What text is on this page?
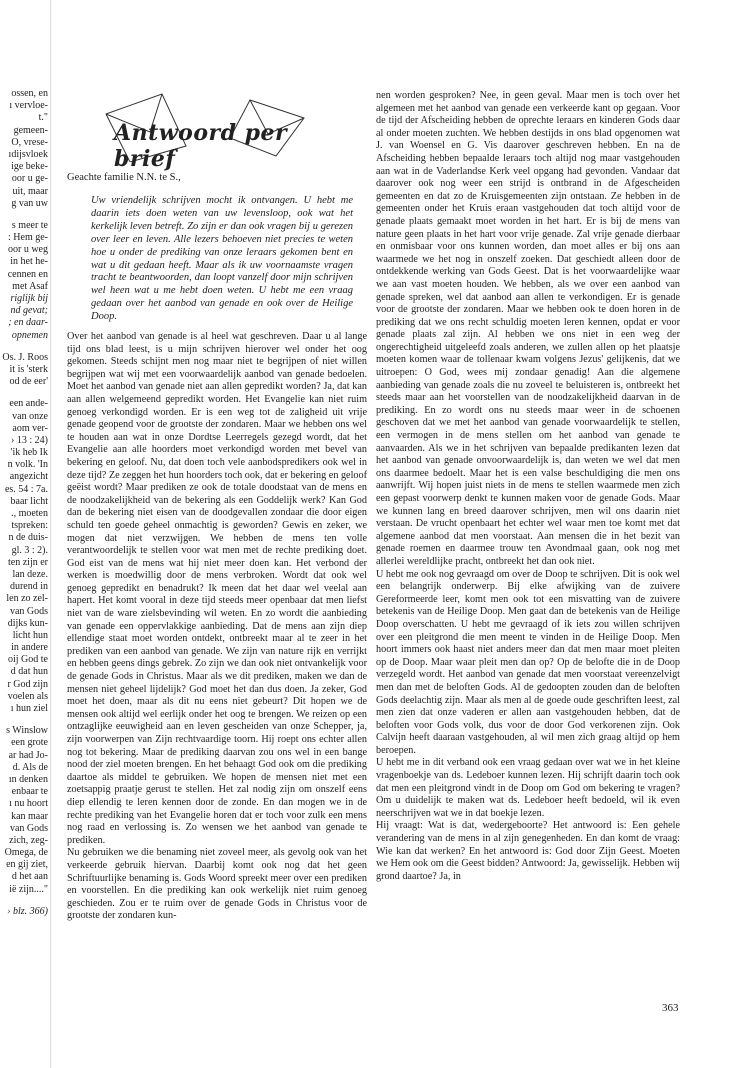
ossen, en
ı vervloe-
t."
gemeen-
O, vrese-
ıdijsvloek
ige beke-
oor u ge-
uit, maar
g van uw
s meer te
: Hem ge-
oor u weg
in het he-
cennen en
met Asaf
riglijk bij
nd gevat;
; en daar-
opnemen
Os. J. Roos
it is 'sterk
od de eer'
een ande-
van onze
aom ver-
› 13 : 24)
'ik heb Ik
n volk. 'In
angezicht
es. 54 : 7a.
baar licht
., moeten
tspreken:
n de duis-
gl. 3 : 2).
ten zijn er
lan deze.
durend in
len zo zel-
van Gods
dijks kun-
licht hun
in andere
oij God te
d dat hun
r God zijn
voelen als
ı hun ziel
s Winslow
een grote
ar had Jo-
d. Als de
ın denken
enbaar te
ı nu hoort
kan maar
van Gods
zich, zeg-
Omega, de
en gij ziet,
d het aan
ië zijn...."
› blz. 366)
Antwoord per brief
Geachte familie N.N. te S.,
Uw vriendelijk schrijven mocht ik ontvangen. U hebt me daarin iets doen weten van uw levensloop, ook wat het kerkelijk leven betreft. Zo zijn er dan ook vragen bij u gerezen over leer en leven. Alle lezers behoeven niet precies te weten hoe u onder de prediking van onze leraars gekomen bent en wat u dit gedaan heeft. Maar als ik uw voornaamste vragen tracht te beantwoorden, dan loopt vanzelf door mijn schrijven wel heen wat u me hebt doen weten. U hebt me een vraag gedaan over het aanbod van genade en ook over de Heilige Doop.

Over het aanbod van genade is al heel wat geschreven. Daar u al lange tijd ons blad leest, is u mijn schrijven hierover wel onder het oog gekomen. Steeds schijnt men nog maar niet te begrijpen of niet willen begrijpen wat wij met een voorwaardelijk aanbod van genade bedoelen. Moet het aanbod van genade niet aan allen gepredikt worden? Ja, dat kan aan allen welgemeend gepredikt worden. Het Evangelie kan niet ruim genoeg verkondigd worden. Er is een weg tot de zaligheid uit vrije genade geopend voor de grootste der zondaren. Maar we hebben ons wel te houden aan wat in onze Dordtse Leerregels gezegd wordt, dat het Evangelie aan alle hoorders moet verkondigd worden met bevel van bekering en geloof. Nu, dat doen toch vele aanbodspredikers ook wel in deze tijd? Ze zeggen het hun hoorders toch ook, dat er bekering en geloof geëist wordt? Maar prediken ze ook de totale doodstaat van de mens en de noodzakelijkheid van de bekering als een Goddelijk werk? Kan God dan de bekering niet eisen van de doodgevallen zondaar die door eigen schuld ten goede geheel onmachtig is geworden? Gewis en zeker, we mogen dat niet verzwijgen. We hebben de mens ten volle verantwoordelijk te stellen voor wat men met de rechte prediking doet. God eist van de mens wat hij niet meer doen kan. Het verbond der werken is moedwillig door de mens verbroken. Wordt dat ook wel genoeg gepredikt en benadrukt? Ik meen dat het daar wel veelal aan hapert. Het komt vooral in deze tijd steeds meer openbaar dat men liefst niet van de ware zielsbevinding wil weten. En zo wordt die aanbieding van genade een oppervlakkige aanbieding. Dat de mens aan zijn diep ellendige staat moet worden ontdekt, ontbreekt maar al te zeer in het prediken van een aanbod van genade. We zijn van nature rijk en verrijkt en hebben geens dings gebrek. Zo zijn we dan ook niet ontvankelijk voor de genade Gods in Christus. Maar als we dit prediken, maken we dan de mensen niet geheel lijdelijk? God moet het dan dus doen. Ja zeker, God moet het doen, maar als dit nu eens niet gebeurt? Dit hopen we de mensen ook altijd wel eerlijk onder het oog te brengen. We reizen op een ontzaglijke eeuwigheid aan en leven gescheiden van onze Schepper, ja, zijn voorwerpen van Zijn rechtvaardige toorn. Hij roept ons echter allen nog tot bekering. Maar de prediking daarvan zou ons wel in een bange nood der ziel moeten brengen. En het behaagt God ook om die prediking daartoe als middel te gebruiken. We hopen de mensen niet met een zoetsappig praatje gerust te stellen. Het zal nodig zijn om onszelf eens diep ellendig te leren kennen door de zonde. En dan mogen we in de rechte prediking van het Evangelie horen dat er toch voor zulk een mens nog raad en verlossing is. Zo wensen we het aanbod van genade te prediken.

Nu gebruiken we die benaming niet zoveel meer, als gevolg ook van het verkeerde gebruik hiervan. Daarbij komt ook nog dat het geen Schriftuurlijke benaming is. Gods Woord spreekt meer over een prediken en voorstellen. En die prediking kan ook werkelijk niet ruim genoeg geschieden. Zou er te ruim over de genade Gods in Christus voor de grootste der zondaren kun-

nen worden gesproken? Nee, in geen geval. Maar men is toch over het algemeen met het aanbod van genade een verkeerde kant op gegaan. Voor de tijd der Afscheiding hebben de oprechte leraars en kinderen Gods daar al onder moeten zuchten. We hebben destijds in ons blad opgenomen wat J. van Woensel en G. Vis daarover geschreven hebben. En na de Afscheiding hebben bepaalde leraars toch altijd nog maar vastgehouden aan wat in de Vaderlandse Kerk veel opgang had gevonden. Vandaar dat daarover ook nog weer een strijd is ontbrand in de Afgescheiden gemeenten en dat zo de Kruisgemeenten zijn ontstaan. Ze hebben in de gemeenten onder het Kruis eraan vastgehouden dat toch altijd voor de genade plaats gemaakt moet worden in het hart. Er is bij de mens van nature geen plaats in het hart voor vrije genade. Zal vrije genade dierbaar en onmisbaar voor ons kunnen worden, dan moet alles er bij ons aan waarmede we het nog in onszelf zoeken. Dat geschiedt alleen door de ontdekkende werking van Gods Geest. Dat is het voorwaardelijke waar we aan vast moeten houden. We hebben, als we over een aanbod van genade spreken, wel dat aanbod aan allen te verkondigen. Er is genade voor de grootste der zondaren. Maar we hebben ook te doen horen in de prediking dat we ons recht schuldig moeten leren kennen, opdat er voor genade plaats zal zijn. Al hebben we ons niet in een weg der ongerechtigheid uitgeleefd zoals anderen, we zullen allen op het plaatsje moeten komen waar de tollenaar kwam volgens Jezus' gelijkenis, dat we uitroepen: O God, wees mij zondaar genadig! Aan die algemene aanbieding van genade zoals die nu zoveel te beluisteren is, ontbreekt het steeds maar aan het voorstellen van de noodzakelijkheid daarvan in de prediking. En zo wordt ons nu steeds maar weer in de schoenen geschoven dat we met het aanbod van genade voorwaardelijk te stellen, een vermogen in de mens stellen om het aanbod van genade te aanvaarden. Als we in het schrijven van bepaalde predikanten lezen dat het aanbod van genade onvoorwaardelijk is, dan weten we wel dat men ons daarmee bedoelt. Maar het is een valse beschuldiging die men ons aanwrijft. Wij hopen juist niets in de mens te stellen waarmede men zich een gepast voorwerp denkt te kunnen maken voor de genade Gods. Maar we kunnen lang en breed daarover schrijven, men wil ons daarin niet verstaan. De vrucht openbaart het echter wel waar men toe komt met dat algemene aanbod dat men voorstaat. Aan mensen die in het bezit van genade roemen en daarmee trouw ten Avondmaal gaan, ook nog met allerlei wereldlijke pracht, ontbreekt het dan ook niet.

U hebt me ook nog gevraagd om over de Doop te schrijven. Dit is ook wel een belangrijk onderwerp. Bij elke afwijking van de zuivere Gereformeerde leer, komt men ook tot een misvatting van de zuivere betekenis van de Heilige Doop. Men gaat dan de betekenis van de Heilige Doop overschatten. U hebt me gevraagd of ik iets zou willen schrijven over een pleitgrond die men meent te vinden in de Heilige Doop. Men hoort immers ook haast niet anders meer dan dat men maar moet pleiten op de Doop. Maar waar pleit men dan op? Op de belofte die in de Doop verzegeld wordt. Het aanbod van genade dat men voorstaat vereenzelvigt men dan met de beloften Gods. Al de gedoopten zouden dan de beloften Gods deelachtig zijn. Maar als men al de goede oude geschriften leest, zal men zien dat onze vaderen er allen aan vastgehouden hebben, dat de beloften voor Gods volk, dus voor de door God verkorenen zijn. Ook Calvijn heeft daaraan vastgehouden, al wil men zich graag altijd op hem beroepen.

U hebt me in dit verband ook een vraag gedaan over wat we in het kleine vragenboekje van ds. Ledeboer kunnen lezen. Hij schrijft daarin toch ook dat men een pleitgrond vindt in de Doop om God om bekering te vragen? Om u duidelijk te maken wat ds. Ledeboer heeft bedoeld, wil ik even neerschrijven wat we in dat boekje lezen.

Hij vraagt: Wat is dat, wedergeboorte? Het antwoord is: Een gehele verandering van de mens in al zijn genegenheden. En dan komt de vraag: Wie kan dat werken? En het antwoord is: God door Zijn Geest. Moeten we Hem ook om die Geest bidden? Antwoord: Ja, gewisselijk. Hebben wij grond daartoe? Ja, in

363
